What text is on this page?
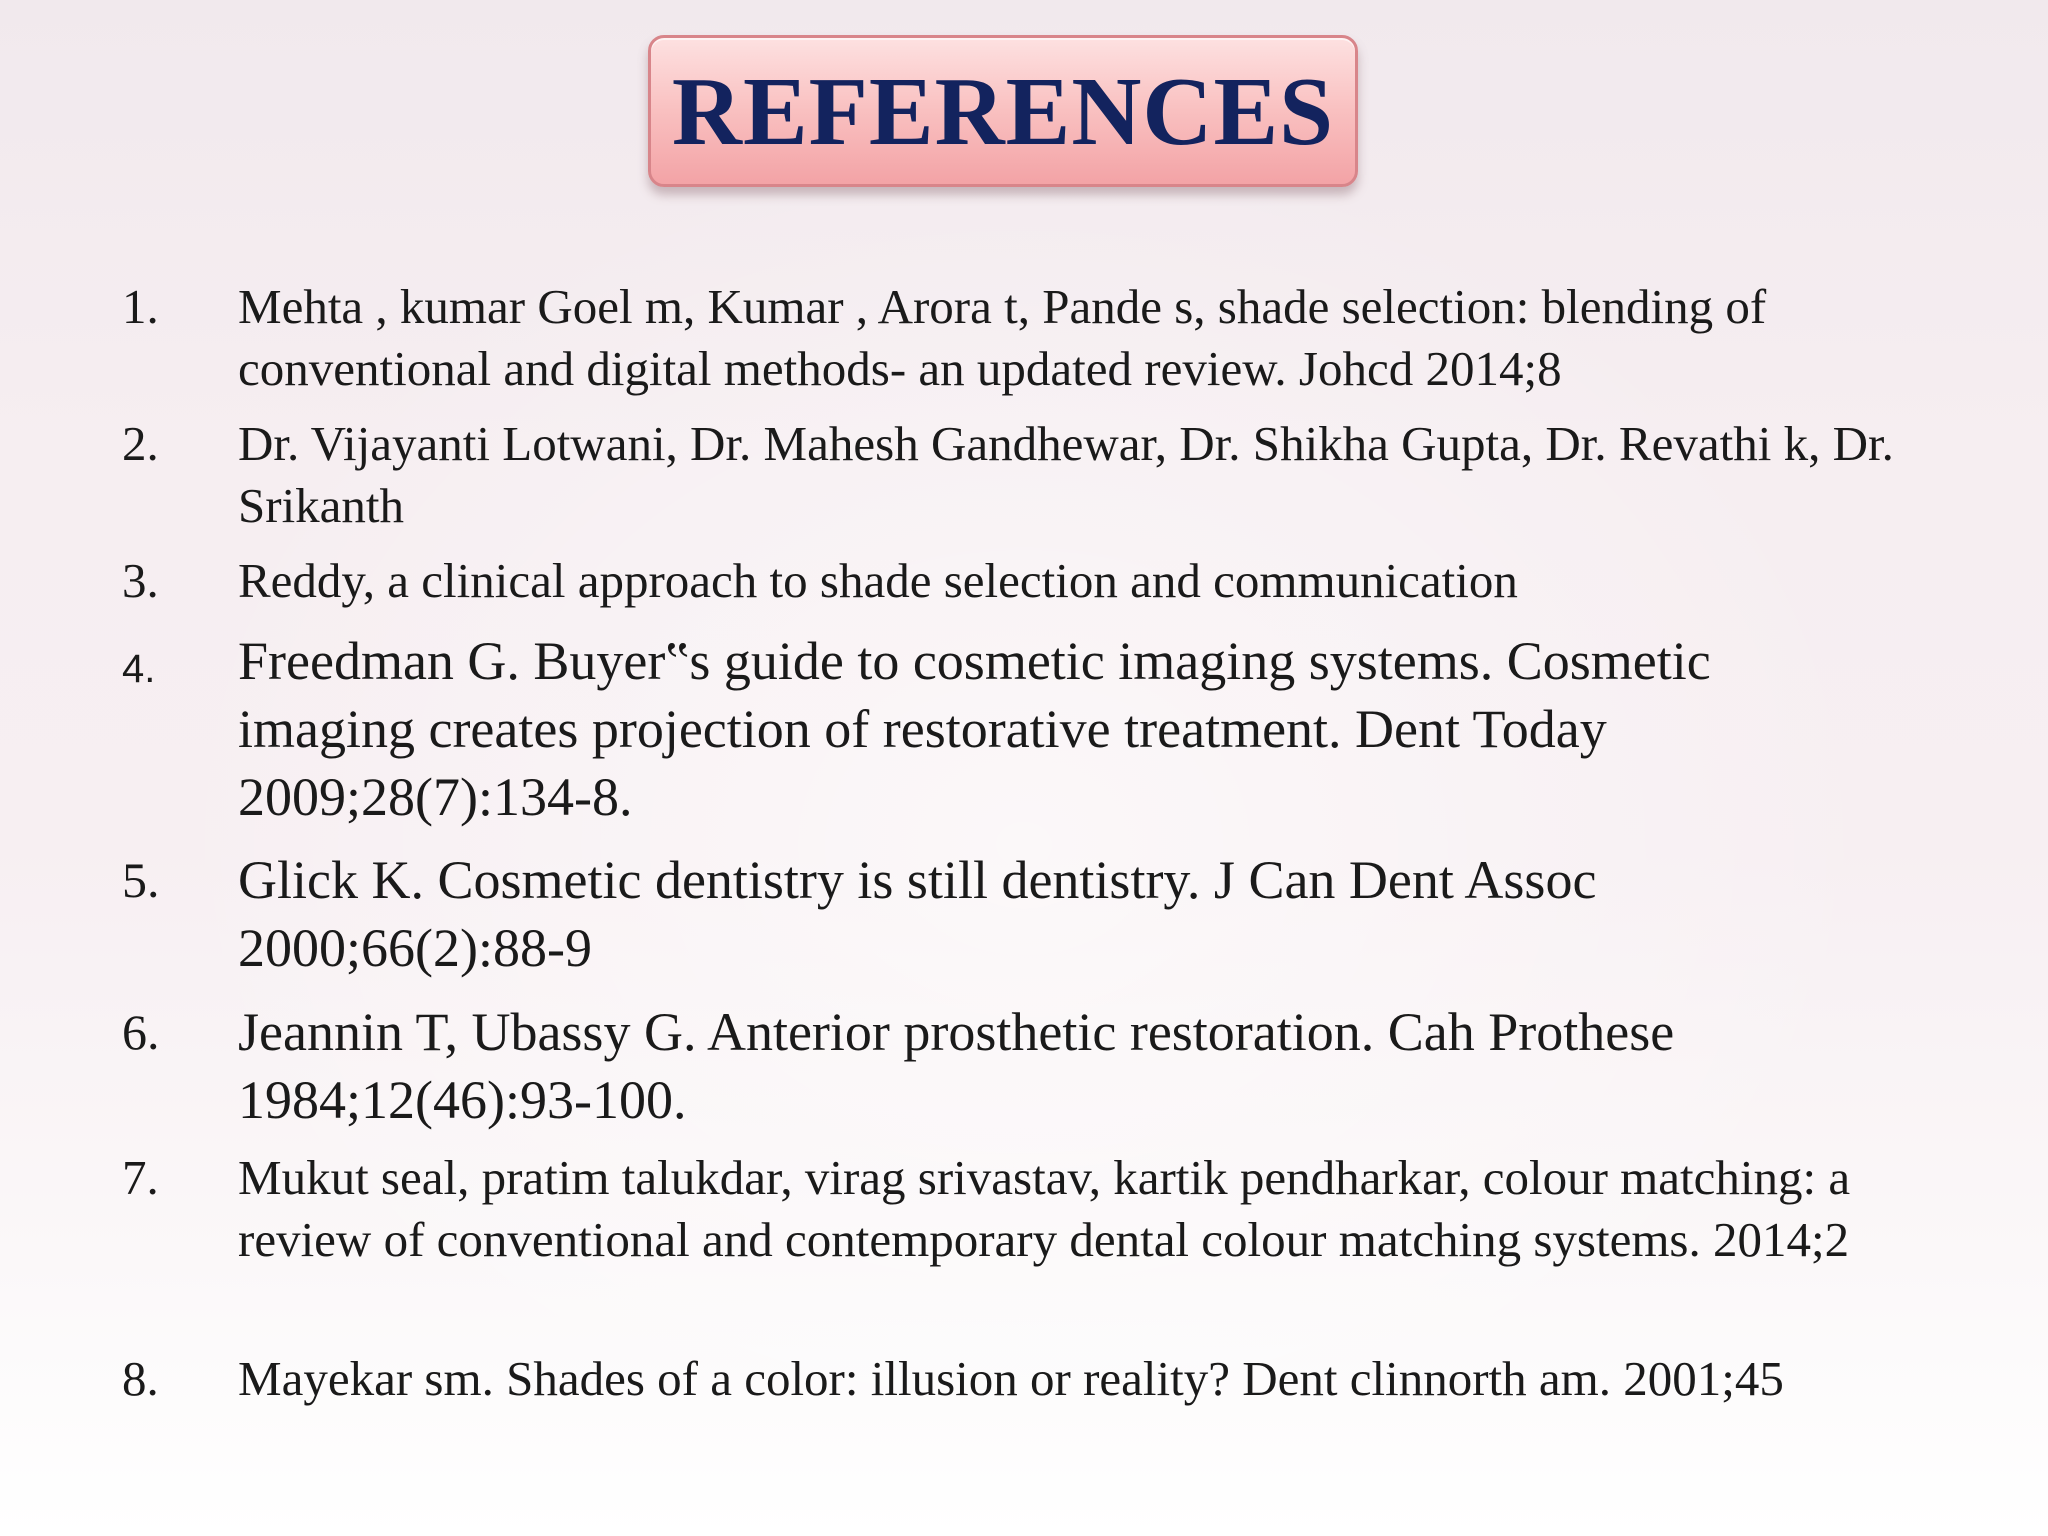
REFERENCES
1. Mehta , kumar Goel m, Kumar , Arora t, Pande s, shade selection: blending of conventional and digital methods- an updated review. Johcd 2014;8
2. Dr. Vijayanti Lotwani, Dr. Mahesh Gandhewar, Dr. Shikha Gupta, Dr. Revathi k, Dr. Srikanth
3. Reddy, a clinical approach to shade selection and communication
4. Freedman G. Buyer‟s guide to cosmetic imaging systems. Cosmetic imaging creates projection of restorative treatment. Dent Today 2009;28(7):134-8.
5. Glick K. Cosmetic dentistry is still dentistry. J Can Dent Assoc 2000;66(2):88-9
6. Jeannin T, Ubassy G. Anterior prosthetic restoration. Cah Prothese 1984;12(46):93-100.
7. Mukut seal, pratim talukdar, virag srivastav, kartik pendharkar, colour matching: a review of conventional and contemporary dental colour matching systems. 2014;2
8. Mayekar sm. Shades of a color: illusion or reality? Dent clinnorth am. 2001;45
